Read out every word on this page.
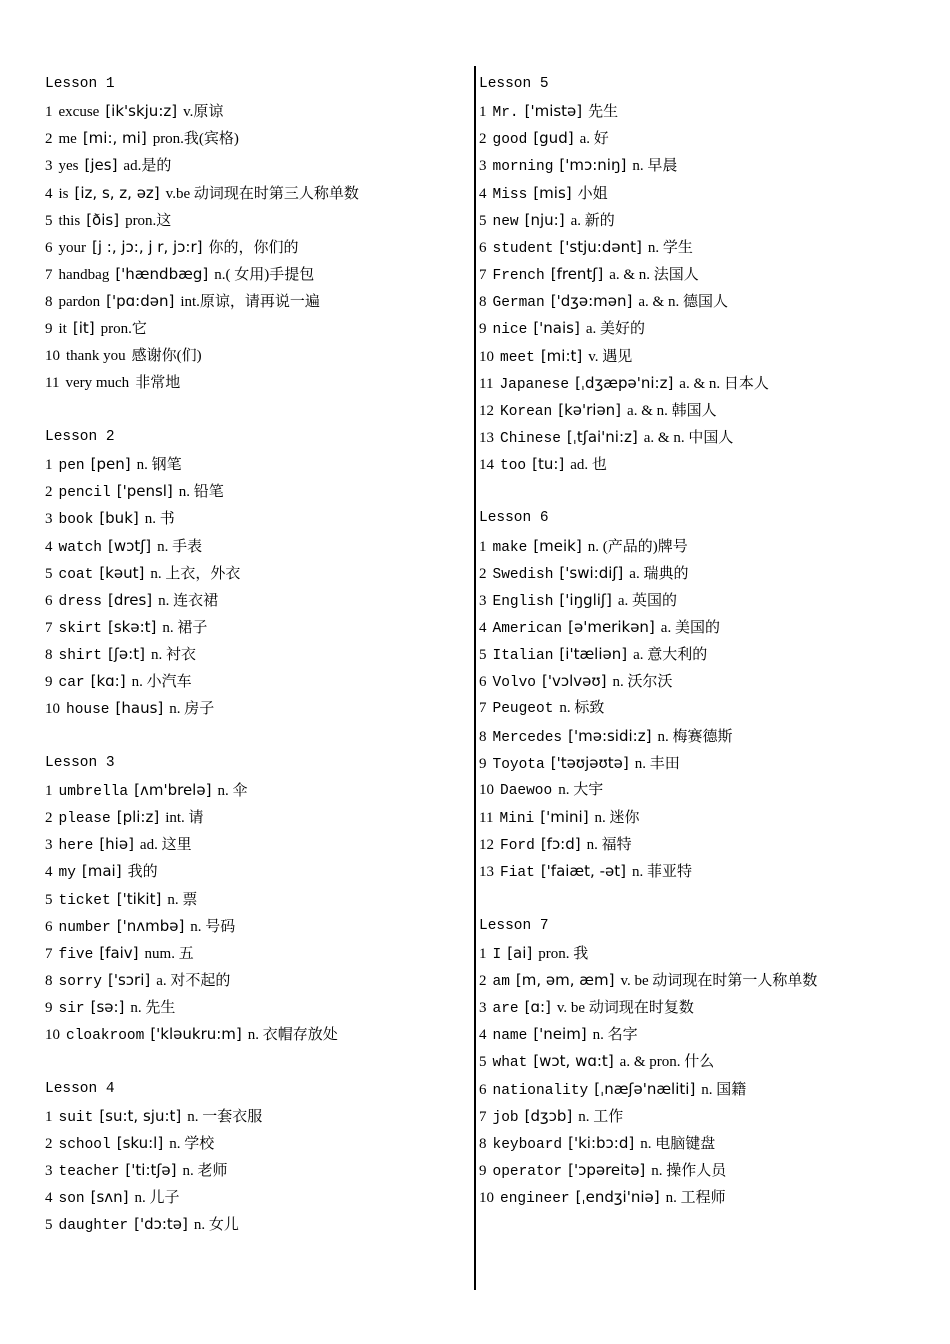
Lesson 1
1 excuse [ik'skju:z] v.原谅
2 me [mi:, mi] pron.我(宾格)
3 yes [jes] ad.是的
4 is [iz, s, z, əz] v.be 动词现在时第三人称单数
5 this [ðis] pron.这
6 your [j :, jɔ:, j r, jɔ:r] 你的，你们的
7 handbag ['hændbæg] n.( 女用)手提包
8 pardon ['pɑ:dən] int.原谅，请再说一遍
9 it [it] pron.它
10 thank you 感谢你(们)
11 very much 非常地
Lesson 2
1 pen [pen] n. 钢笔
2 pencil ['pensl] n. 铅笔
3 book [buk] n. 书
4 watch [wɔtʃ] n. 手表
5 coat [kəut] n. 上衣，外衣
6 dress [dres] n. 连衣裙
7 skirt [skə:t] n. 裙子
8 shirt [ʃə:t] n. 衬衣
9 car [kɑ:] n. 小汽车
10 house [haus] n. 房子
Lesson 3
1 umbrella [ʌm'brelə] n. 伞
2 please [pli:z] int. 请
3 here [hiə] ad. 这里
4 my [mai] 我的
5 ticket ['tikit] n. 票
6 number ['nʌmbə] n. 号码
7 five [faiv] num. 五
8 sorry ['sɔri] a. 对不起的
9 sir [sə:] n. 先生
10 cloakroom ['kləukru:m] n. 衣帽存放处
Lesson 4
1 suit [su:t, sju:t] n. 一套衣服
2 school [sku:l] n. 学校
3 teacher ['ti:tʃə] n. 老师
4 son [sʌn] n. 儿子
5 daughter ['dɔ:tə] n. 女儿
Lesson 5
1 Mr. ['mistə] 先生
2 good [gud] a. 好
3 morning ['mɔ:niŋ] n. 早晨
4 Miss [mis] 小姐
5 new [nju:] a. 新的
6 student ['stju:dənt] n. 学生
7 French [frentʃ] a. & n. 法国人
8 German ['dʒə:mən] a. & n. 德国人
9 nice ['nais] a. 美好的
10 meet [mi:t] v. 遇见
11 Japanese [ˌdʒæpə'ni:z] a. & n. 日本人
12 Korean [kə'riən] a. & n. 韩国人
13 Chinese [ˌtʃai'ni:z] a. & n. 中国人
14 too [tu:] ad. 也
Lesson 6
1 make [meik] n. (产品的)牌号
2 Swedish ['swi:diʃ] a. 瑞典的
3 English ['iŋgliʃ] a. 英国的
4 American [ə'merikən] a. 美国的
5 Italian [i'tæliən] a. 意大利的
6 Volvo ['vɔlvəʊ] n. 沃尔沃
7 Peugeot n. 标致
8 Mercedes ['mə:sidi:z] n. 梅赛德斯
9 Toyota ['təʊjəʊtə] n. 丰田
10 Daewoo n. 大宇
11 Mini ['mini] n. 迷你
12 Ford [fɔ:d] n. 福特
13 Fiat ['faiæt, -ət] n. 菲亚特
Lesson 7
1 I [ai] pron. 我
2 am [m, əm, æm] v. be 动词现在时第一人称单数
3 are [ɑ:] v. be 动词现在时复数
4 name ['neim] n. 名字
5 what [wɔt, wɑ:t] a. & pron. 什么
6 nationality [ˌnæʃə'næliti] n. 国籍
7 job [dʒɔb] n. 工作
8 keyboard ['ki:bɔ:d] n. 电脑键盘
9 operator ['ɔpəreitə] n. 操作人员
10 engineer [ˌendʒi'niə] n. 工程师
